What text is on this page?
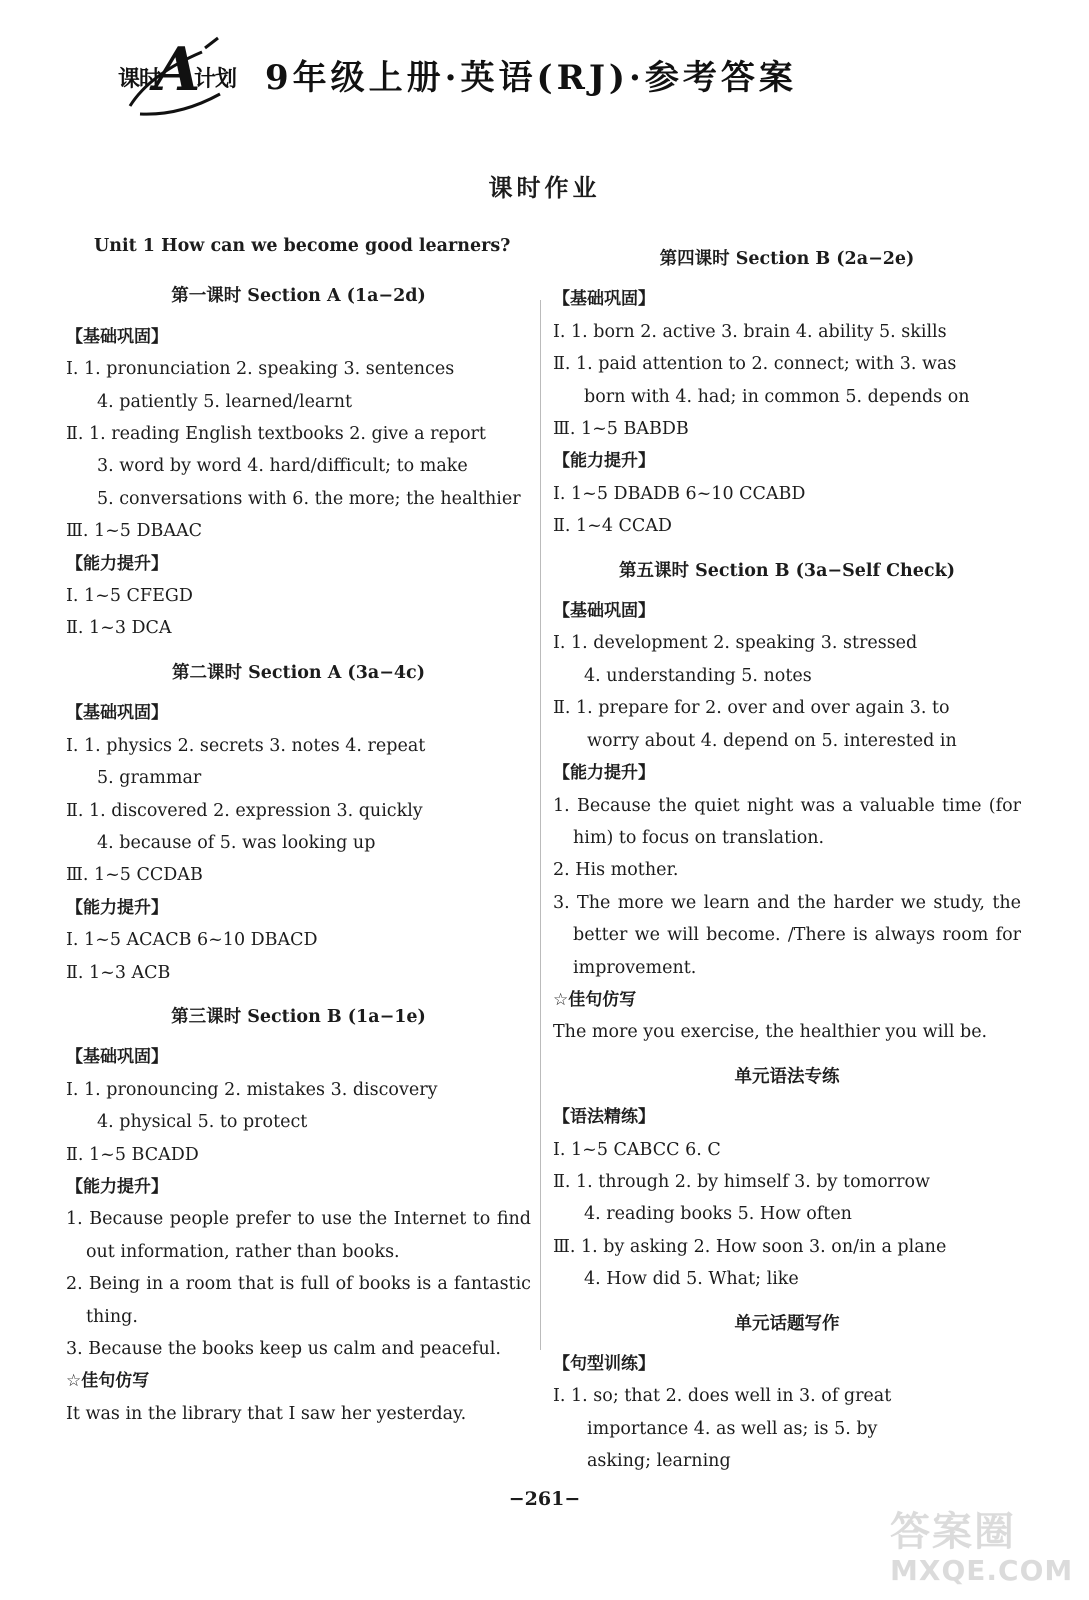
课时
A
计划 9年级上册·英语(RJ)·参考答案
课时作业
Unit 1 How can we become good learners?
第一课时 Section A (1a−2d)
【基础巩固】
Ⅰ. 1. pronunciation 2. speaking 3. sentences
4. patiently 5. learned/learnt
Ⅱ. 1. reading English textbooks 2. give a report
3. word by word 4. hard/difficult; to make
5. conversations with 6. the more; the healthier
Ⅲ. 1~5 DBAAC
【能力提升】
Ⅰ. 1~5 CFEGD
Ⅱ. 1~3 DCA
第二课时 Section A (3a−4c)
【基础巩固】
Ⅰ. 1. physics 2. secrets 3. notes 4. repeat
5. grammar
Ⅱ. 1. discovered 2. expression 3. quickly
4. because of 5. was looking up
Ⅲ. 1~5 CCDAB
【能力提升】
Ⅰ. 1~5 ACACB 6~10 DBACD
Ⅱ. 1~3 ACB
第三课时 Section B (1a−1e)
【基础巩固】
Ⅰ. 1. pronouncing 2. mistakes 3. discovery
4. physical 5. to protect
Ⅱ. 1~5 BCADD
【能力提升】
1. Because people prefer to use the Internet to find out information, rather than books.
2. Being in a room that is full of books is a fantastic thing.
3. Because the books keep us calm and peaceful.
☆佳句仿写
It was in the library that I saw her yesterday.
第四课时 Section B (2a−2e)
【基础巩固】
Ⅰ. 1. born 2. active 3. brain 4. ability 5. skills
Ⅱ. 1. paid attention to 2. connect; with 3. was
born with 4. had; in common 5. depends on
Ⅲ. 1~5 BABDB
【能力提升】
Ⅰ. 1~5 DBADB 6~10 CCABD
Ⅱ. 1~4 CCAD
第五课时 Section B (3a−Self Check)
【基础巩固】
Ⅰ. 1. development 2. speaking 3. stressed
4. understanding 5. notes
Ⅱ. 1. prepare for 2. over and over again 3. to
worry about 4. depend on 5. interested in
【能力提升】
1. Because the quiet night was a valuable time (for him) to focus on translation.
2. His mother.
3. The more we learn and the harder we study, the better we will become. /There is always room for improvement.
☆佳句仿写
The more you exercise, the healthier you will be.
单元语法专练
【语法精练】
Ⅰ. 1~5 CABCC 6. C
Ⅱ. 1. through 2. by himself 3. by tomorrow
4. reading books 5. How often
Ⅲ. 1. by asking 2. How soon 3. on/in a plane
4. How did 5. What; like
单元话题写作
【句型训练】
Ⅰ. 1. so; that 2. does well in 3. of great
importance 4. as well as; is 5. by
asking; learning
−261−
答案圈
MXQE.COM
